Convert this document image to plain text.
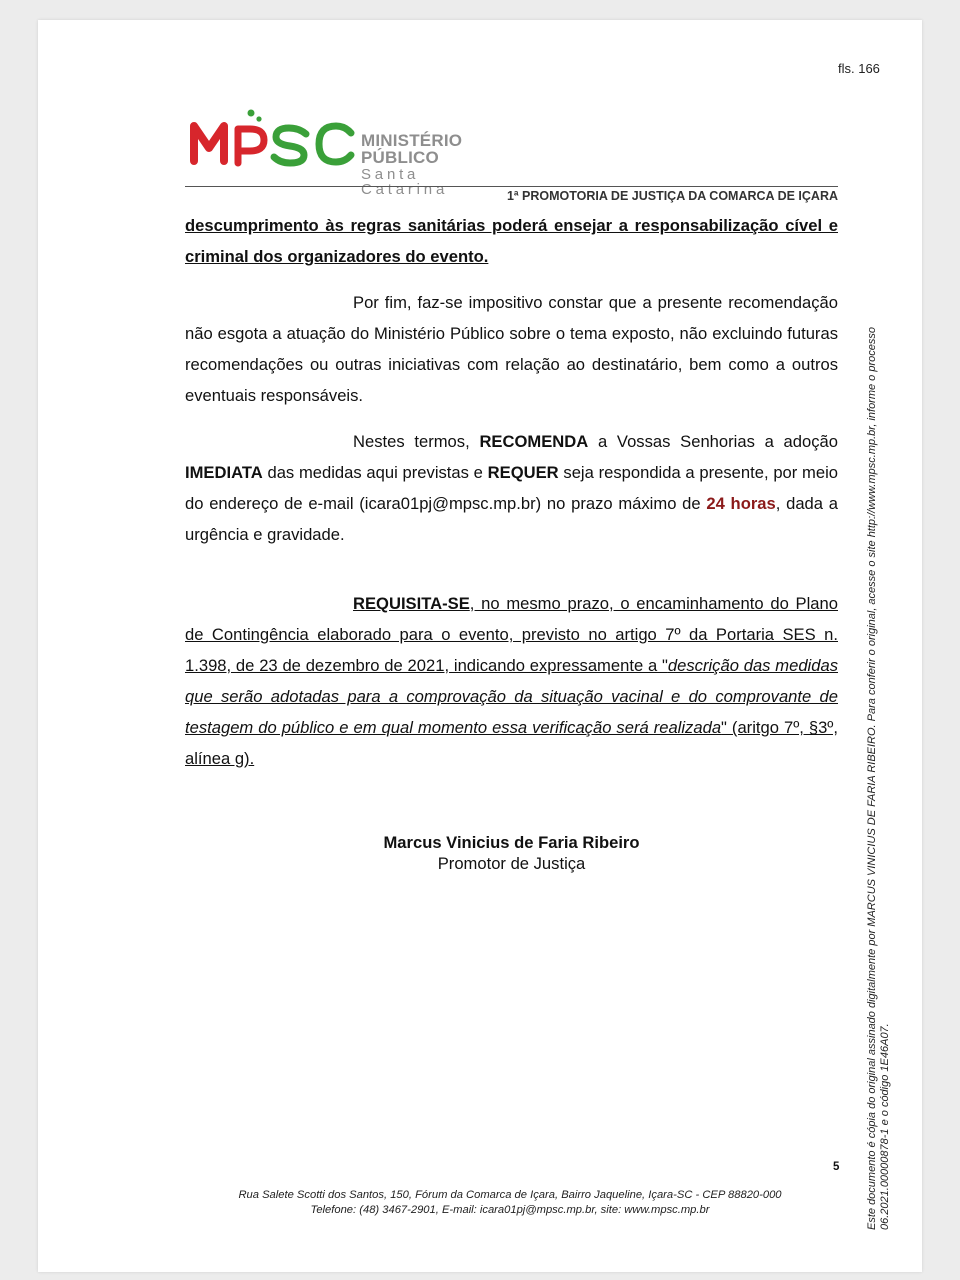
fls. 166
MINISTÉRIO PÚBLICO
Santa Catarina	1ª PROMOTORIA DE JUSTIÇA DA COMARCA DE IÇARA

descumprimento às regras sanitárias poderá ensejar a responsabilização cível e criminal dos organizadores do evento.

Por fim, faz-se impositivo constar que a presente recomendação não esgota a atuação do Ministério Público sobre o tema exposto, não excluindo futuras recomendações ou outras iniciativas com relação ao destinatário, bem como a outros eventuais responsáveis.

Nestes termos, RECOMENDA a Vossas Senhorias a adoção IMEDIATA das medidas aqui previstas e REQUER seja respondida a presente, por meio do endereço de e-mail (icara01pj@mpsc.mp.br) no prazo máximo de 24 horas, dada a urgência e gravidade.

REQUISITA-SE, no mesmo prazo, o encaminhamento do Plano de Contingência elaborado para o evento, previsto no artigo 7º da Portaria SES n. 1.398, de 23 de dezembro de 2021, indicando expressamente a "descrição das medidas que serão adotadas para a comprovação da situação vacinal e do comprovante de testagem do público e em qual momento essa verificação será realizada" (aritgo 7º, §3º, alínea g).

Marcus Vinicius de Faria Ribeiro
Promotor de Justiça
5
Rua Salete Scotti dos Santos, 150, Fórum da Comarca de Içara, Bairro Jaqueline, Içara-SC - CEP 88820-000
Telefone: (48) 3467-2901, E-mail: icara01pj@mpsc.mp.br, site: www.mpsc.mp.br	Este documento é cópia do original assinado digitalmente por MARCUS VINICIUS DE FARIA RIBEIRO. Para conferir o original, acesse o site http://www.mpsc.mp.br, informe o processo 06.2021.00000878-1 e o código 1E46A07.
